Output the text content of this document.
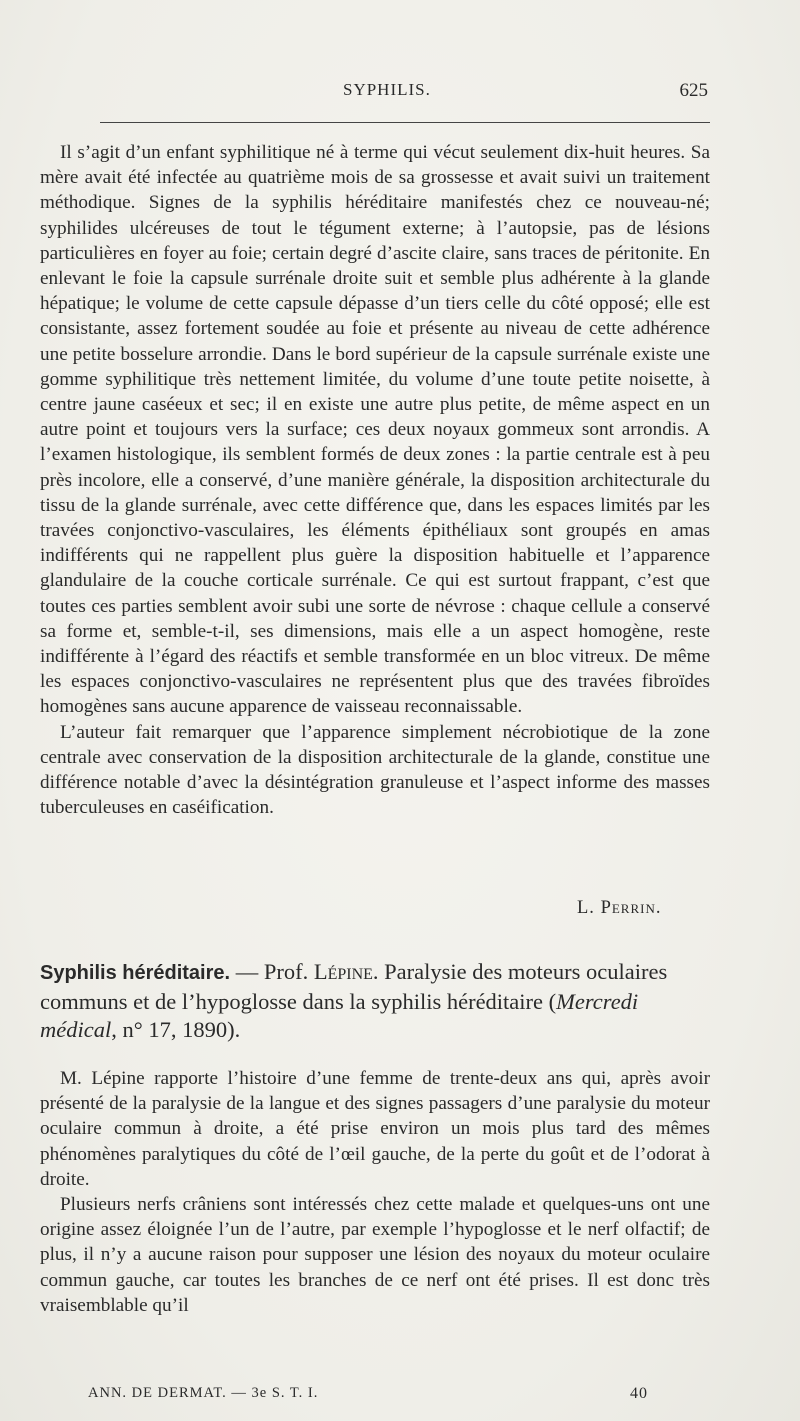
SYPHILIS.	625

Il s’agit d’un enfant syphilitique né à terme qui vécut seulement dix-huit heures. Sa mère avait été infectée au quatrième mois de sa grossesse et avait suivi un traitement méthodique. Signes de la syphilis héréditaire manifestés chez ce nouveau-né; syphilides ulcéreuses de tout le tégument externe; à l’autopsie, pas de lésions particulières en foyer au foie; certain degré d’ascite claire, sans traces de péritonite. En enlevant le foie la capsule surrénale droite suit et semble plus adhérente à la glande hépatique; le volume de cette capsule dépasse d’un tiers celle du côté opposé; elle est consistante, assez fortement soudée au foie et présente au niveau de cette adhérence une petite bosselure arrondie. Dans le bord supérieur de la capsule surrénale existe une gomme syphilitique très nettement limitée, du volume d’une toute petite noisette, à centre jaune caséeux et sec; il en existe une autre plus petite, de même aspect en un autre point et toujours vers la surface; ces deux noyaux gommeux sont arrondis. A l’examen histologique, ils semblent formés de deux zones : la partie centrale est à peu près incolore, elle a conservé, d’une manière générale, la disposition architecturale du tissu de la glande surrénale, avec cette différence que, dans les espaces limités par les travées conjonctivo-vasculaires, les éléments épithéliaux sont groupés en amas indifférents qui ne rappellent plus guère la disposition habituelle et l’apparence glandulaire de la couche corticale surrénale. Ce qui est surtout frappant, c’est que toutes ces parties semblent avoir subi une sorte de névrose : chaque cellule a conservé sa forme et, semble-t-il, ses dimensions, mais elle a un aspect homogène, reste indifférente à l’égard des réactifs et semble transformée en un bloc vitreux. De même les espaces conjonctivo-vasculaires ne représentent plus que des travées fibroïdes homogènes sans aucune apparence de vaisseau reconnaissable.

L’auteur fait remarquer que l’apparence simplement nécrobiotique de la zone centrale avec conservation de la disposition architecturale de la glande, constitue une différence notable d’avec la désintégration granuleuse et l’aspect informe des masses tuberculeuses en caséification.

L. Perrin.
Syphilis héréditaire. — Prof. Lépine. Paralysie des moteurs oculaires communs et de l’hypoglosse dans la syphilis héréditaire (Mercredi médical, n° 17, 1890).

M. Lépine rapporte l’histoire d’une femme de trente-deux ans qui, après avoir présenté de la paralysie de la langue et des signes passagers d’une paralysie du moteur oculaire commun à droite, a été prise environ un mois plus tard des mêmes phénomènes paralytiques du côté de l’œil gauche, de la perte du goût et de l’odorat à droite.

Plusieurs nerfs crâniens sont intéressés chez cette malade et quelques-uns ont une origine assez éloignée l’un de l’autre, par exemple l’hypoglosse et le nerf olfactif; de plus, il n’y a aucune raison pour supposer une lésion des noyaux du moteur oculaire commun gauche, car toutes les branches de ce nerf ont été prises. Il est donc très vraisemblable qu’il

ANN. DE DERMAT. — 3e S. T. I.	40
